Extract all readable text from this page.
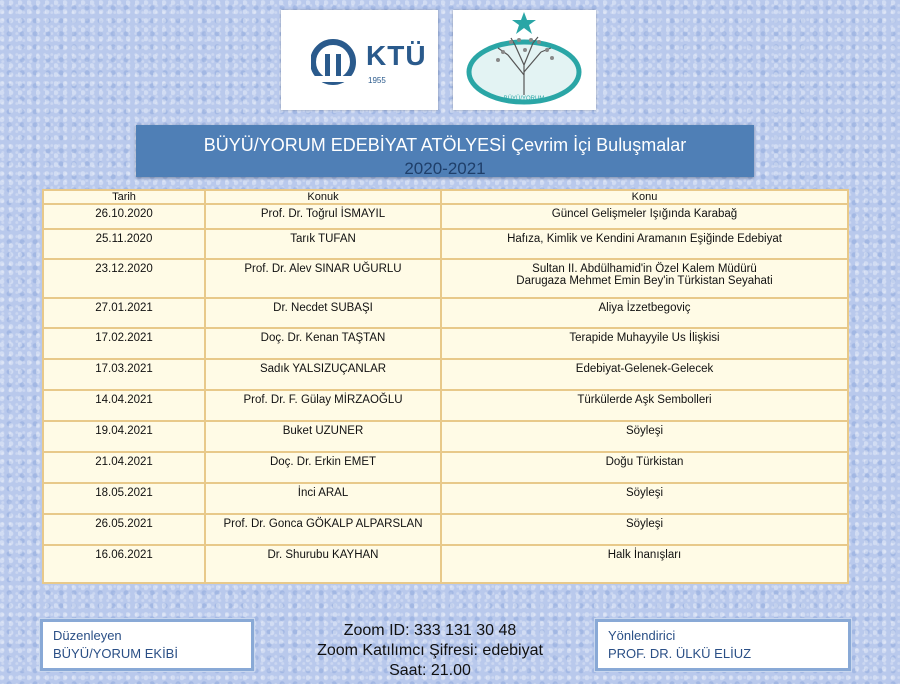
KTÜ
1955
BÜYÜ/YORUM
BÜYÜ/YORUM EDEBİYAT ATÖLYESİ Çevrim İçi Buluşmalar
2020-2021
Tarih	Konuk	Konu
26.10.2020	Prof. Dr. Toğrul İSMAYIL	Güncel Gelişmeler Işığında Karabağ

25.11.2020	Tarık TUFAN	Hafıza, Kimlik ve Kendini Aramanın Eşiğinde Edebiyat

23.12.2020	Prof. Dr. Alev SINAR UĞURLU	Sultan II. Abdülhamid'in Özel Kalem Müdürü
Darugaza Mehmet Emin Bey'in Türkistan Seyahati

27.01.2021	Dr. Necdet SUBAŞI	Aliya İzzetbegoviç

17.02.2021	Doç. Dr. Kenan TAŞTAN	Terapide Muhayyile Us İlişkisi

17.03.2021	Sadık YALSIZUÇANLAR	Edebiyat-Gelenek-Gelecek

14.04.2021	Prof. Dr. F. Gülay MİRZAOĞLU	Türkülerde Aşk Sembolleri

19.04.2021	Buket UZUNER	Söyleşi

21.04.2021	Doç. Dr. Erkin EMET	Doğu Türkistan

18.05.2021	İnci ARAL	Söyleşi

26.05.2021	Prof. Dr. Gonca GÖKALP ALPARSLAN	Söyleşi

16.06.2021	Dr. Shurubu KAYHAN	Halk İnanışları
Düzenleyen
BÜYÜ/YORUM EKİBİ
Zoom ID: 333 131 30 48
Zoom Katılımcı Şifresi: edebiyat
Saat: 21.00
Yönlendirici
PROF. DR. ÜLKÜ ELİUZ
